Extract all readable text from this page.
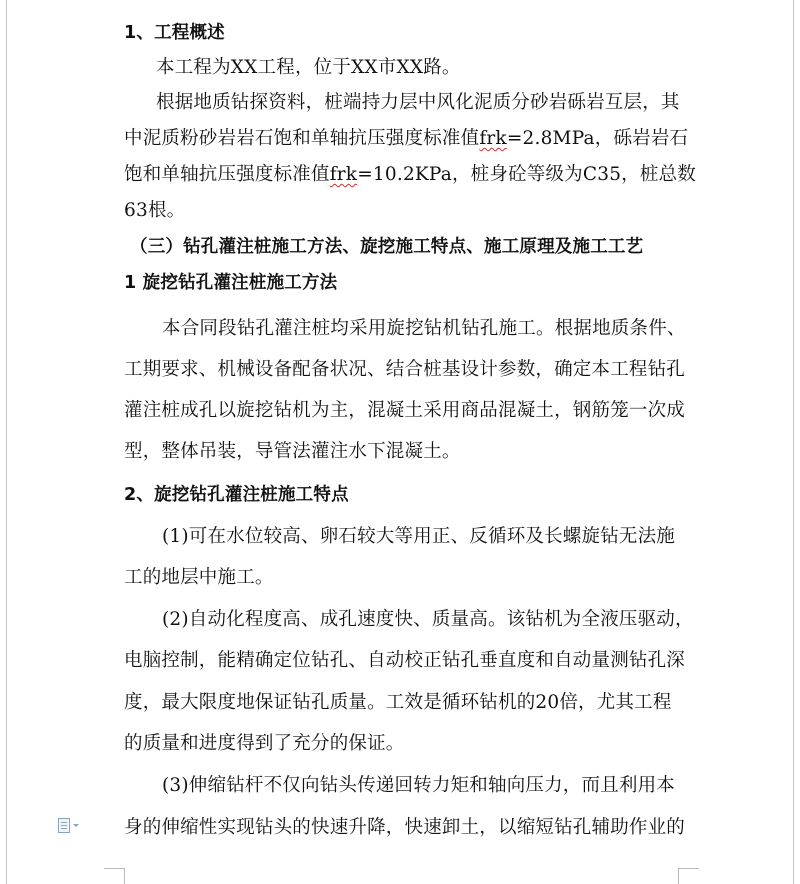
1、工程概述
本工程为XX工程，位于XX市XX路。
根据地质钻探资料，桩端持力层中风化泥质分砂岩砾岩互层，其
中泥质粉砂岩岩石饱和单轴抗压强度标准值frk=2.8MPa，砾岩岩石
饱和单轴抗压强度标准值frk=10.2KPa，桩身砼等级为C35，桩总数
63根。
（三）钻孔灌注桩施工方法、旋挖施工特点、施工原理及施工工艺
1 旋挖钻孔灌注桩施工方法
本合同段钻孔灌注桩均采用旋挖钻机钻孔施工。根据地质条件、
工期要求、机械设备配备状况、结合桩基设计参数，确定本工程钻孔
灌注桩成孔以旋挖钻机为主，混凝土采用商品混凝土，钢筋笼一次成
型，整体吊装，导管法灌注水下混凝土。
2、旋挖钻孔灌注桩施工特点
(1)可在水位较高、卵石较大等用正、反循环及长螺旋钻无法施
工的地层中施工。
(2)自动化程度高、成孔速度快、质量高。该钻机为全液压驱动，
电脑控制，能精确定位钻孔、自动校正钻孔垂直度和自动量测钻孔深
度，最大限度地保证钻孔质量。工效是循环钻机的20倍，尤其工程
的质量和进度得到了充分的保证。
(3)伸缩钻杆不仅向钻头传递回转力矩和轴向压力，而且利用本
身的伸缩性实现钻头的快速升降，快速卸土，以缩短钻孔辅助作业的
